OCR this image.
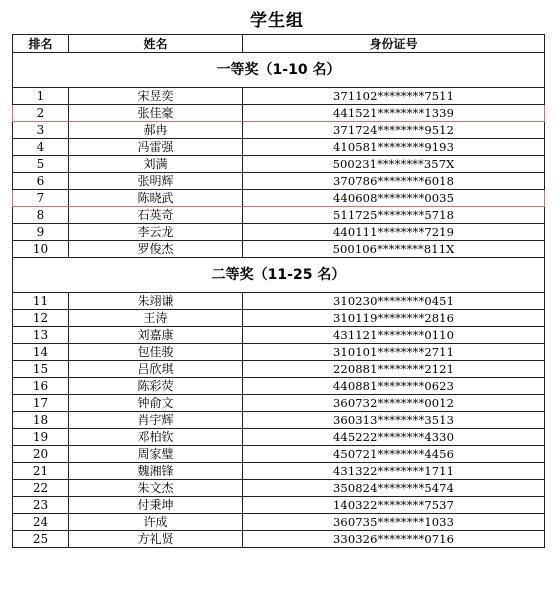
学生组
排名	姓名	身份证号
一等奖（1-10 名）		
1	宋昱奕	371102********7511
2	张佳豪	441521********1339
3	郝冉	371724********9512
4	冯雷强	410581********9193
5	刘满	500231********357X
6	张明辉	370786********6018
7	陈晓武	440608********0035
8	石英奇	511725********5718
9	李云龙	440111********7219
10	罗俊杰	500106********811X
二等奖（11-25 名）		
11	朱翊谦	310230********0451
12	王涛	310119********2816
13	刘嘉康	431121********0110
14	包佳骏	310101********2711
15	吕欣琪	220881********2121
16	陈彩荧	440881********0623
17	钟俞文	360732********0012
18	肖宇辉	360313********3513
19	邓柏钦	445222********4330
20	周家璧	450721********4456
21	魏湘锋	431322********1711
22	朱文杰	350824********5474
23	付秉坤	140322********7537
24	许成	360735********1033
25	方礼贤	330326********0716
